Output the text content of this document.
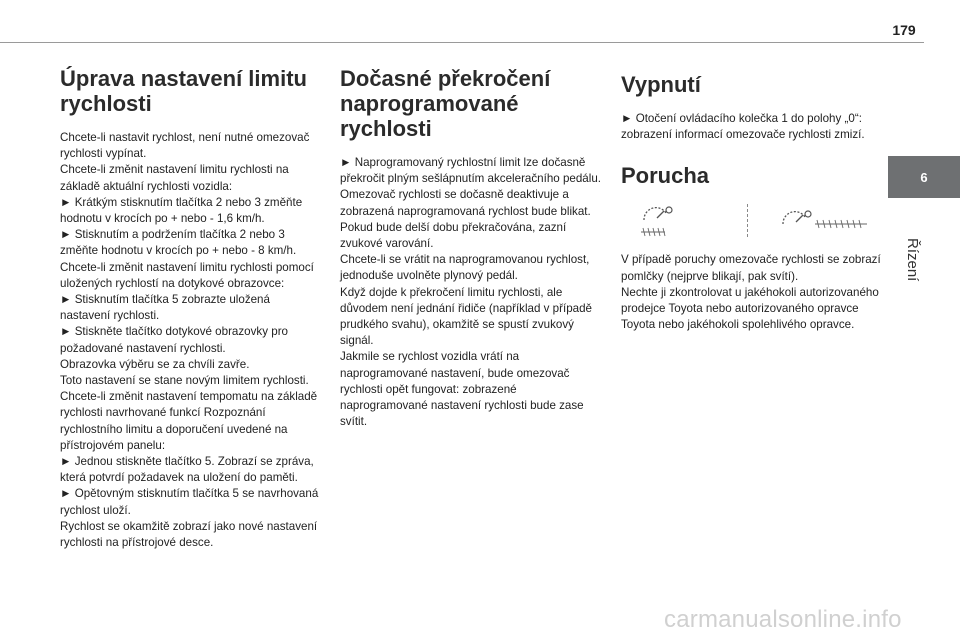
179
6
Řízení
Úprava nastavení limitu rychlosti

Chcete-li nastavit rychlost, není nutné omezovač rychlosti vypínat.

Chcete-li změnit nastavení limitu rychlosti na základě aktuální rychlosti vozidla:

► Krátkým stisknutím tlačítka 2 nebo 3 změňte hodnotu v krocích po + nebo - 1,6 km/h.

► Stisknutím a podržením tlačítka 2 nebo 3 změňte hodnotu v krocích po + nebo - 8 km/h.

Chcete-li změnit nastavení limitu rychlosti pomocí uložených rychlostí na dotykové obrazovce:

► Stisknutím tlačítka 5 zobrazte uložená nastavení rychlosti.

► Stiskněte tlačítko dotykové obrazovky pro požadované nastavení rychlosti.

Obrazovka výběru se za chvíli zavře.

Toto nastavení se stane novým limitem rychlosti.

Chcete-li změnit nastavení tempomatu na základě rychlosti navrhované funkcí Rozpoznání rychlostního limitu a doporučení uvedené na přístrojovém panelu:

► Jednou stiskněte tlačítko 5. Zobrazí se zpráva, která potvrdí požadavek na uložení do paměti.

► Opětovným stisknutím tlačítka 5 se navrhovaná rychlost uloží.

Rychlost se okamžitě zobrazí jako nové nastavení rychlosti na přístrojové desce.

Dočasné překročení naprogramované rychlosti

► Naprogramovaný rychlostní limit lze dočasně překročit plným sešlápnutím akceleračního pedálu.

Omezovač rychlosti se dočasně deaktivuje a zobrazená naprogramovaná rychlost bude blikat.

Pokud bude delší dobu překračována, zazní zvukové varování.

Chcete-li se vrátit na naprogramovanou rychlost, jednoduše uvolněte plynový pedál.

Když dojde k překročení limitu rychlosti, ale důvodem není jednání řidiče (například v případě prudkého svahu), okamžitě se spustí zvukový signál.

Jakmile se rychlost vozidla vrátí na naprogramované nastavení, bude omezovač rychlosti opět fungovat: zobrazené naprogramované nastavení rychlosti bude zase svítit.

Vypnutí

► Otočení ovládacího kolečka 1 do polohy „0“: zobrazení informací omezovače rychlosti zmizí.

Porucha

V případě poruchy omezovače rychlosti se zobrazí pomlčky (nejprve blikají, pak svítí).

Nechte ji zkontrolovat u jakéhokoli autorizovaného prodejce Toyota nebo autorizovaného opravce Toyota nebo jakéhokoli spolehlivého opravce.

carmanualsonline.info
